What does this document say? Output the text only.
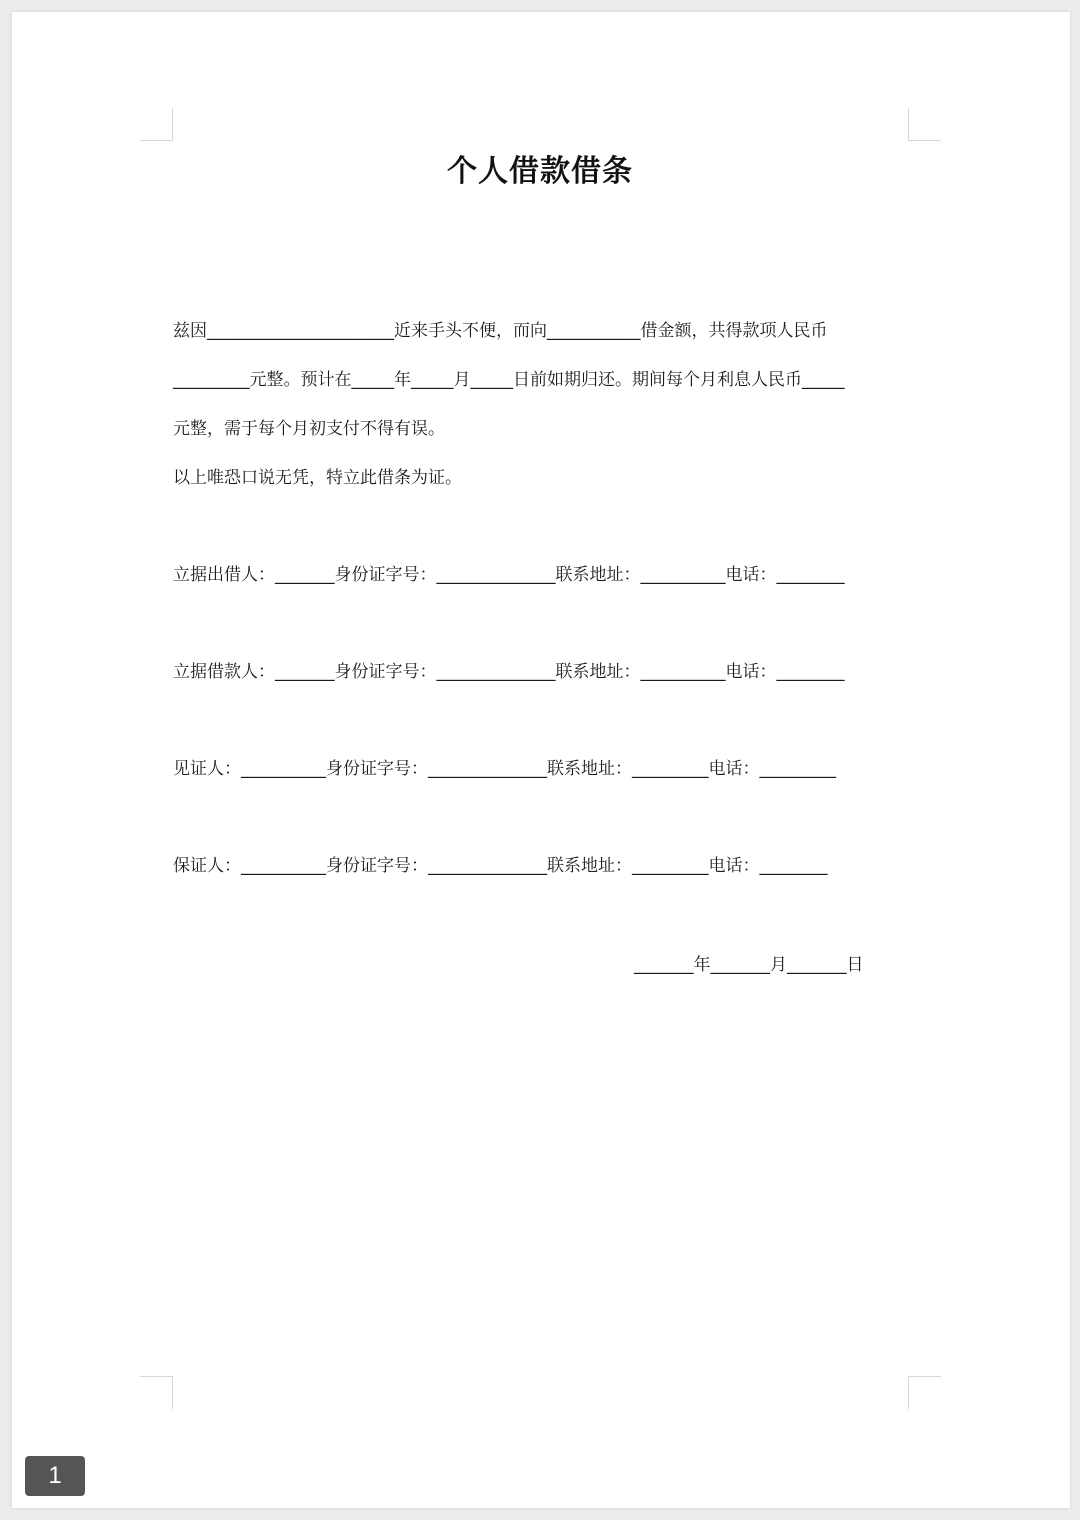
个人借款借条
兹因______________________近来手头不便，而向___________借金额，共得款项人民币
_________元整。预计在_____年_____月_____日前如期归还。期间每个月利息人民币_____
元整，需于每个月初支付不得有误。
以上唯恐口说无凭，特立此借条为证。
立据出借人：_______身份证字号：______________联系地址：__________电话：________
立据借款人：_______身份证字号：______________联系地址：__________电话：________
见证人：__________身份证字号：______________联系地址：_________电话：_________
保证人：__________身份证字号：______________联系地址：_________电话：________
_______年_______月_______日
1
